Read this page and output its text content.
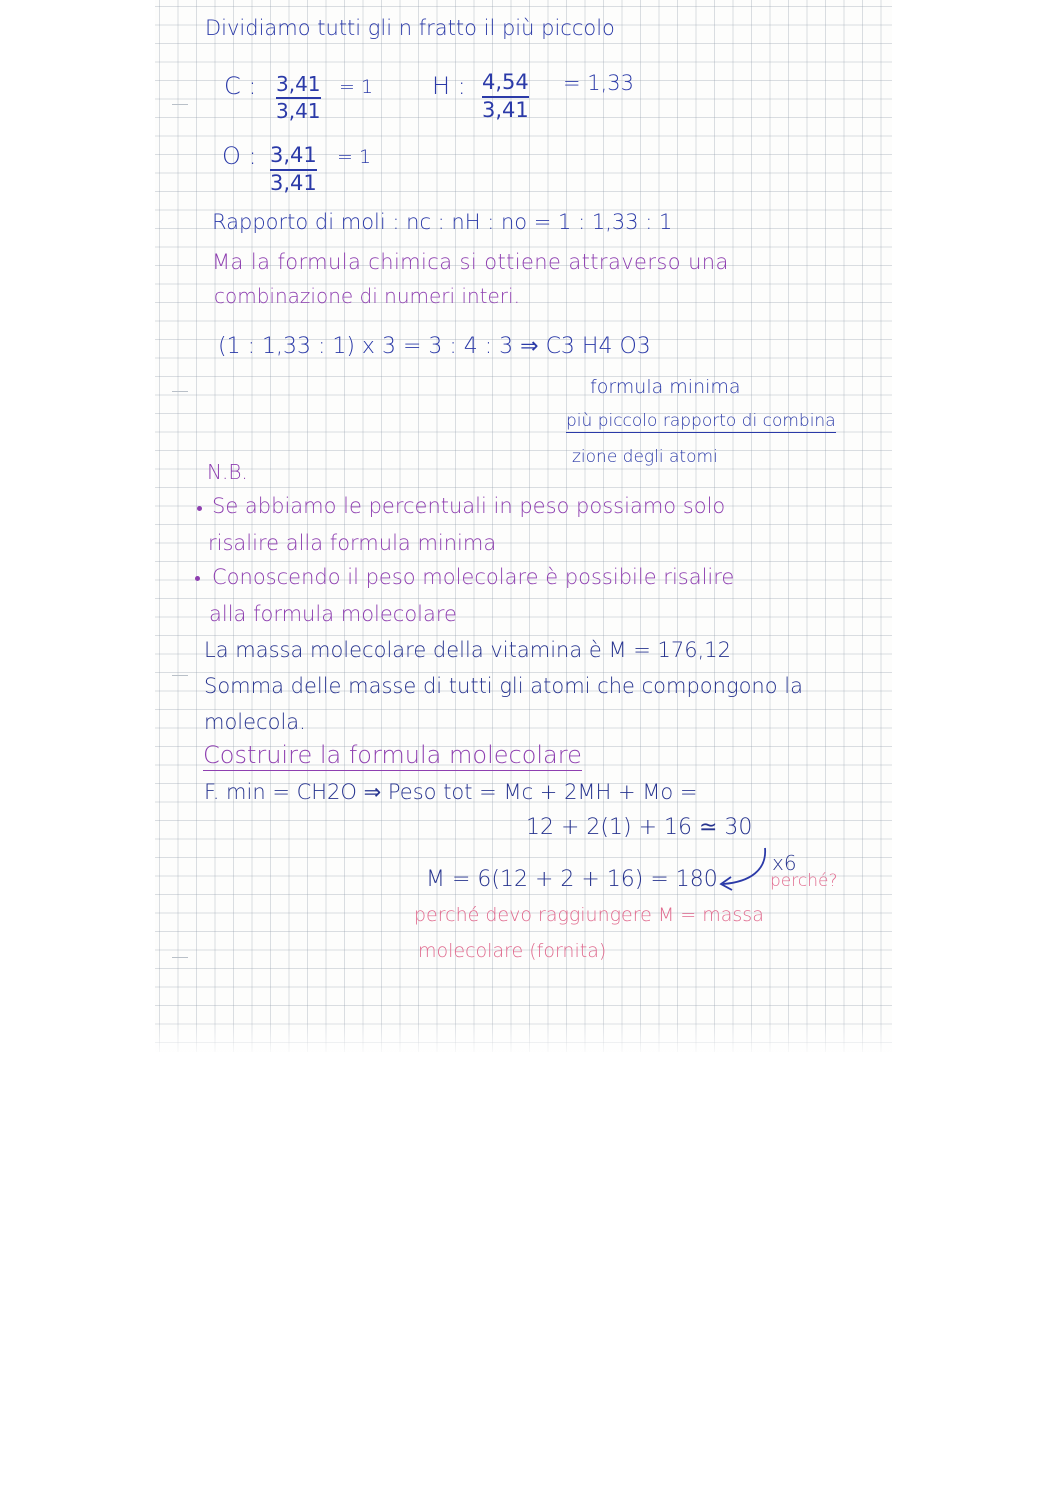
Dividiamo tutti gli n fratto il più piccolo
C : 3,41
3,41
= 1 H : 4,54
3,41
= 1,33
O : 3,41
3,41
= 1
Rapporto di moli : nc : nH : no = 1 : 1,33 : 1
Ma la formula chimica si ottiene attraverso una
combinazione di numeri interi.
(1 : 1,33 : 1) x 3 = 3 : 4 : 3 ⇒ C3 H4 O3
formula minima
più piccolo rapporto di combina
zione degli atomi
N.B.
Se abbiamo le percentuali in peso possiamo solo
risalire alla formula minima
Conoscendo il peso molecolare è possibile risalire
alla formula molecolare
La massa molecolare della vitamina è M = 176,12
Somma delle masse di tutti gli atomi che compongono la
molecola.
Costruire la formula molecolare
F. min = CH2O ⇒ Peso tot = Mc + 2MH + Mo =
12 + 2(1) + 16 ≃ 30
x6
perché?
M = 6(12 + 2 + 16) = 180
perché devo raggiungere M = massa
molecolare (fornita)
